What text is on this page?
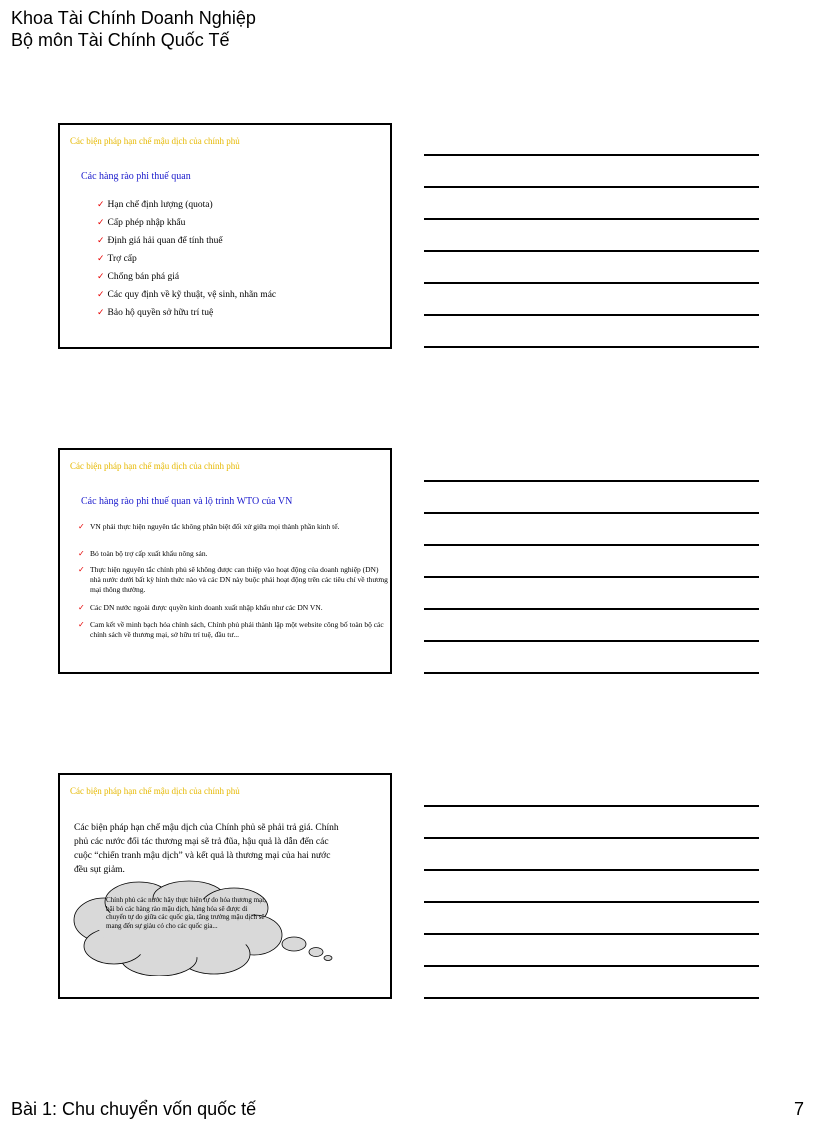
Khoa Tài Chính Doanh Nghiệp
Bộ môn Tài Chính Quốc Tế
Các biện pháp hạn chế mậu dịch của chính phủ
Các hàng rào phi thuế quan
✓ Hạn chế định lượng (quota)
✓ Cấp phép nhập khẩu
✓ Định giá hải quan để tính thuế
✓ Trợ cấp
✓ Chống bán phá giá
✓ Các quy định về kỹ thuật, vệ sinh, nhãn mác
✓ Bảo hộ quyền sở hữu trí tuệ
Các biện pháp hạn chế mậu dịch của chính phủ
Các hàng rào phi thuế quan và lộ trình WTO của VN
✓ VN phải thực hiện nguyên tắc không phân biệt đối xử giữa mọi thành phần kinh tế.
✓ Bỏ toàn bộ trợ cấp xuất khẩu nông sản.
✓ Thực hiện nguyên tắc chính phủ sẽ không được can thiệp vào hoạt động của doanh nghiệp (DN) nhà nước dưới bất kỳ hình thức nào và các DN này buộc phải hoạt động trên các tiêu chí về thương mại thông thường.
✓ Các DN nước ngoài được quyền kinh doanh xuất nhập khẩu như các DN VN.
✓ Cam kết về minh bạch hóa chính sách, Chính phủ phải thành lập một website công bố toàn bộ các chính sách về thương mại, sở hữu trí tuệ, đầu tư...
Các biện pháp hạn chế mậu dịch của chính phủ
Các biện pháp hạn chế mậu dịch của Chính phủ sẽ phải trả giá. Chính phủ các nước đối tác thương mại sẽ trả đũa, hậu quả là dẫn đến các cuộc “chiến tranh mậu dịch” và kết quả là thương mại của hai nước đều sụt giảm.
Chính phủ các nước hãy thực hiện tự do hóa thương mại, bãi bỏ các hàng rào mậu dịch, hàng hóa sẽ được di chuyển tự do giữa các quốc gia, tăng trưởng mậu dịch sẽ mang đến sự giàu có cho các quốc gia...
Bài 1: Chu chuyển vốn quốc tế	7
